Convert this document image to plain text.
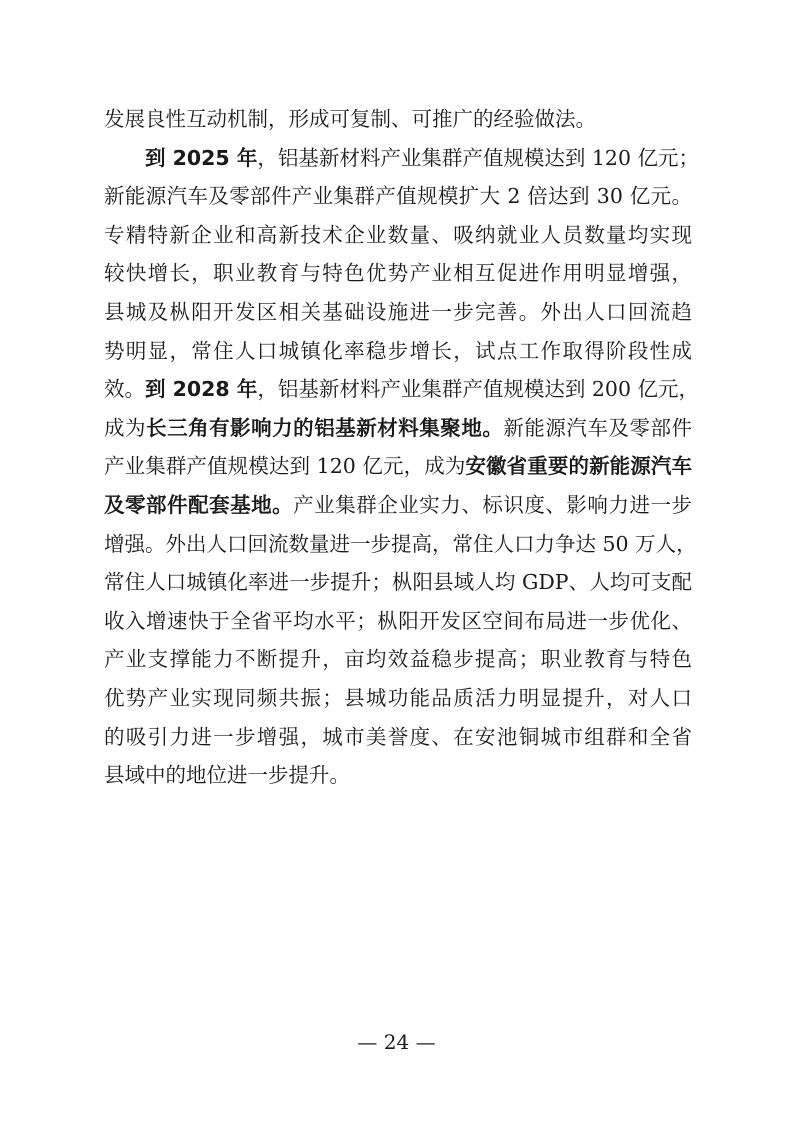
发展良性互动机制，形成可复制、可推广的经验做法。
到 2025 年，铝基新材料产业集群产值规模达到 120 亿元；
新能源汽车及零部件产业集群产值规模扩大 2 倍达到 30 亿元。
专精特新企业和高新技术企业数量、吸纳就业人员数量均实现
较快增长，职业教育与特色优势产业相互促进作用明显增强，
县城及枞阳开发区相关基础设施进一步完善。外出人口回流趋
势明显，常住人口城镇化率稳步增长，试点工作取得阶段性成
效。到 2028 年，铝基新材料产业集群产值规模达到 200 亿元，
成为长三角有影响力的铝基新材料集聚地。新能源汽车及零部件
产业集群产值规模达到 120 亿元，成为安徽省重要的新能源汽车
及零部件配套基地。产业集群企业实力、标识度、影响力进一步
增强。外出人口回流数量进一步提高，常住人口力争达 50 万人，
常住人口城镇化率进一步提升；枞阳县域人均 GDP、人均可支配
收入增速快于全省平均水平；枞阳开发区空间布局进一步优化、
产业支撑能力不断提升，亩均效益稳步提高；职业教育与特色
优势产业实现同频共振；县城功能品质活力明显提升，对人口
的吸引力进一步增强，城市美誉度、在安池铜城市组群和全省
县域中的地位进一步提升。
— 24 —
